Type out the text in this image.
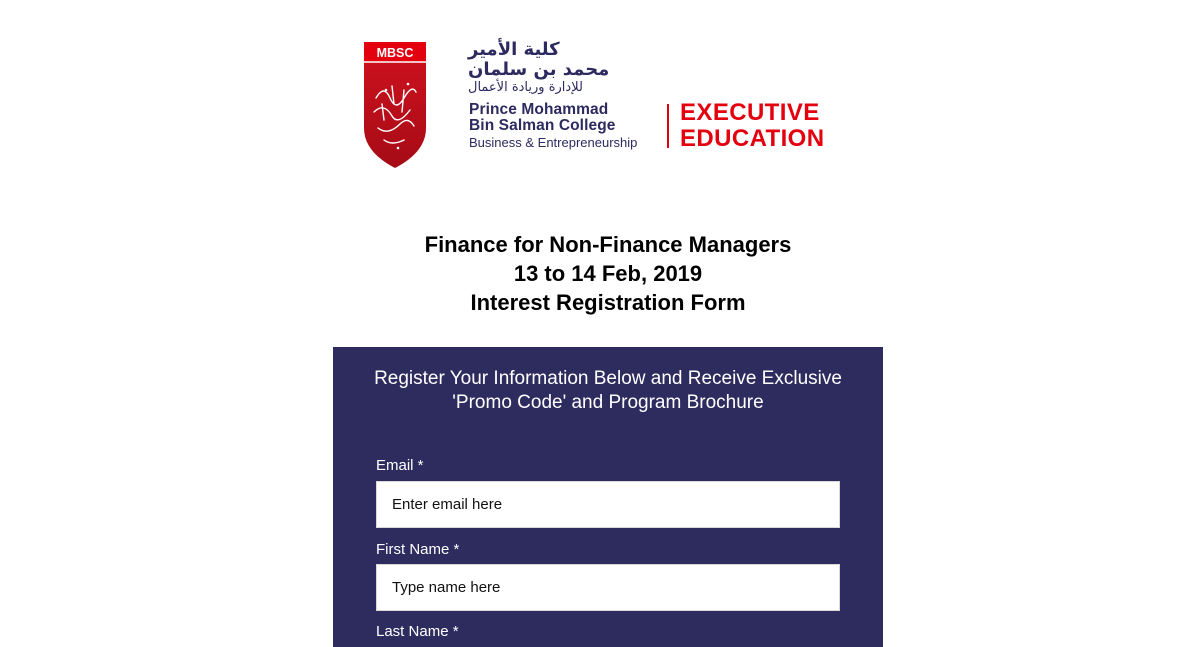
MBSC	كلية الأمير
محمد بن سلمان
للإدارة وريادة الأعمال
Prince Mohammad
Bin Salman College
Business & Entrepreneurship
EXECUTIVE
EDUCATION
Finance for Non-Finance Managers
13 to 14 Feb, 2019
Interest Registration Form
Register Your Information Below and Receive Exclusive
'Promo Code' and Program Brochure
Email *
Enter email here
First Name *
Type name here
Last Name *
